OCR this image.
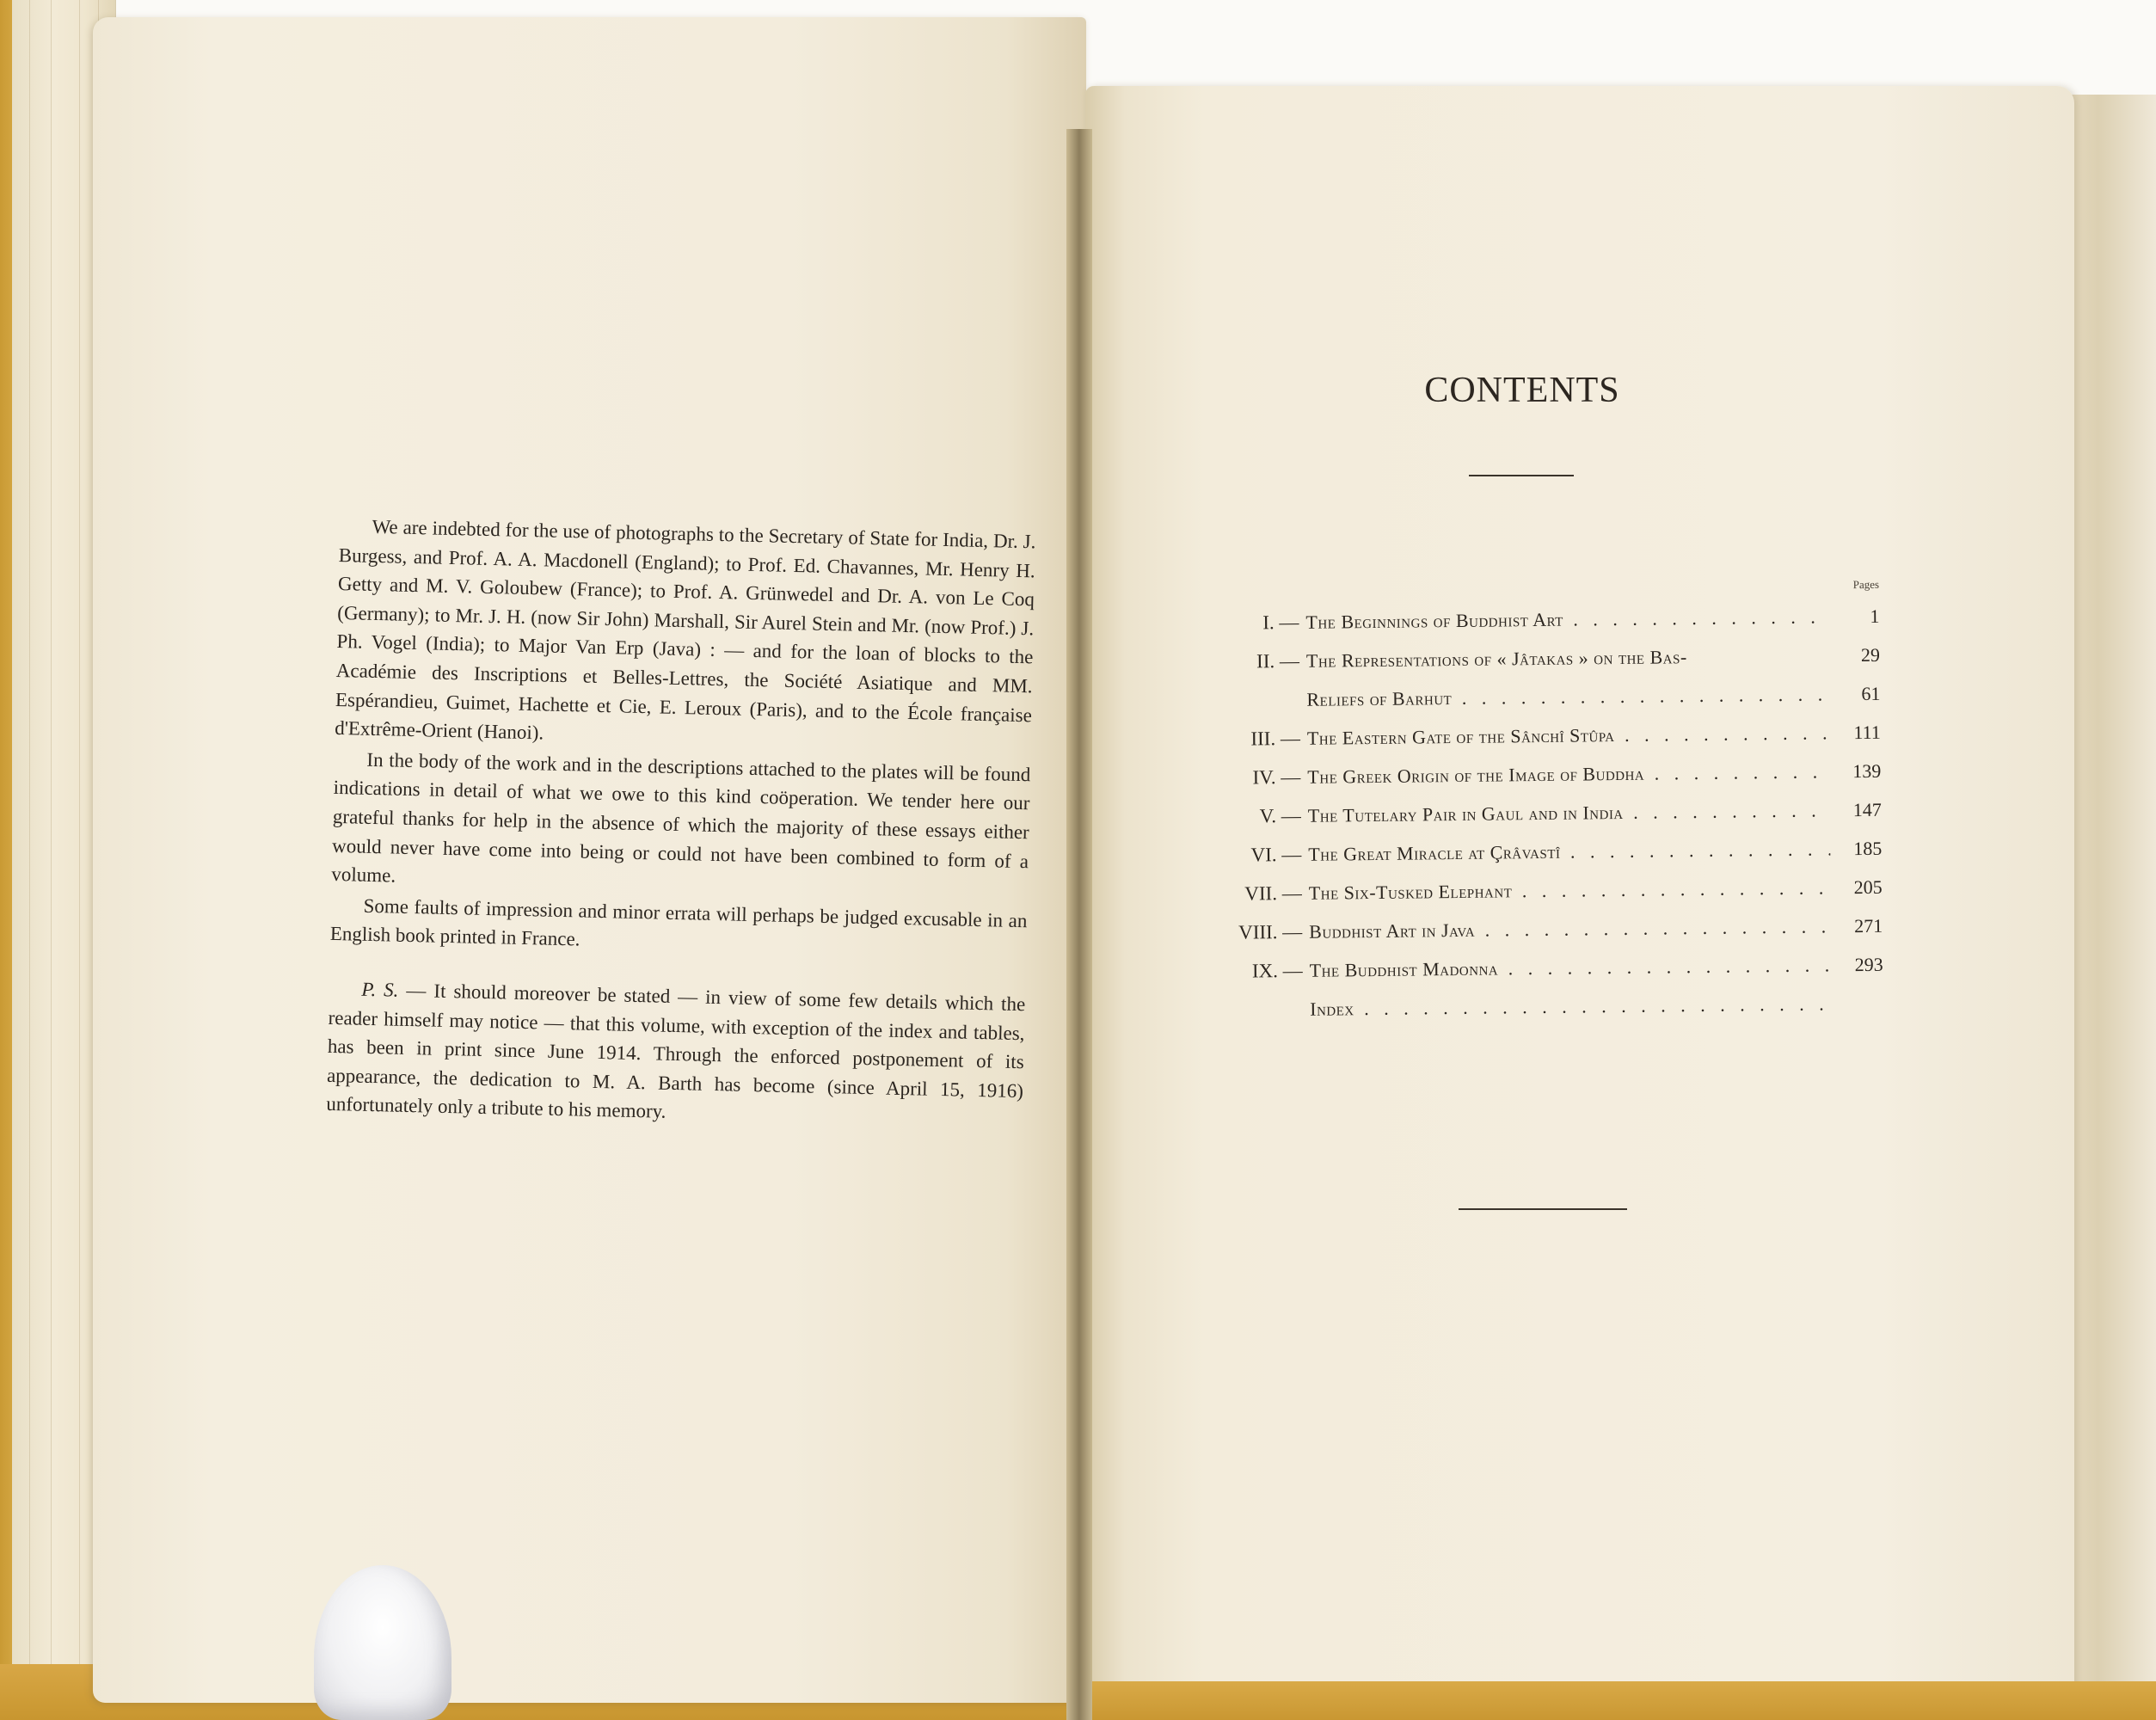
We are indebted for the use of photographs to the Secretary of State for India, Dr. J. Burgess, and Prof. A. A. Macdonell (England); to Prof. Ed. Chavannes, Mr. Henry H. Getty and M. V. Goloubew (France); to Prof. A. Grünwedel and Dr. A. von Le Coq (Germany); to Mr. J. H. (now Sir John) Marshall, Sir Aurel Stein and Mr. (now Prof.) J. Ph. Vogel (India); to Major Van Erp (Java) : — and for the loan of blocks to the Académie des Inscriptions et Belles-Lettres, the Société Asiatique and MM. Espérandieu, Guimet, Hachette et Cie, E. Leroux (Paris), and to the École française d'Extrême-Orient (Hanoi).

In the body of the work and in the descriptions attached to the plates will be found indications in detail of what we owe to this kind coöperation. We tender here our grateful thanks for help in the absence of which the majority of these essays either would never have come into being or could not have been combined to form of a volume.

Some faults of impression and minor errata will perhaps be judged excusable in an English book printed in France.

P. S. — It should moreover be stated — in view of some few details which the reader himself may notice — that this volume, with exception of the index and tables, has been in print since June 1914. Through the enforced postponement of its appearance, the dedication to M. A. Barth has become (since April 15, 1916) unfortunately only a tribute to his memory.

CONTENTS
Pages
I. — The Beginnings of Buddhist Art . . .	1
II. — The Representations of « Jâtakas » on the Bas-	29
Reliefs of Barhut . . .	61
III. — The Eastern Gate of the Sânchî Stûpa . . .	111
IV. — The Greek Origin of the Image of Buddha . . .	139
V. — The Tutelary Pair in Gaul and in India . . .	147
VI. — The Great Miracle at Çrâvastî . . .	185
VII. — The Six-Tusked Elephant . . .	205
VIII. — Buddhist Art in Java . . .	271
IX. — The Buddhist Madonna . . .	293
Index . . .
